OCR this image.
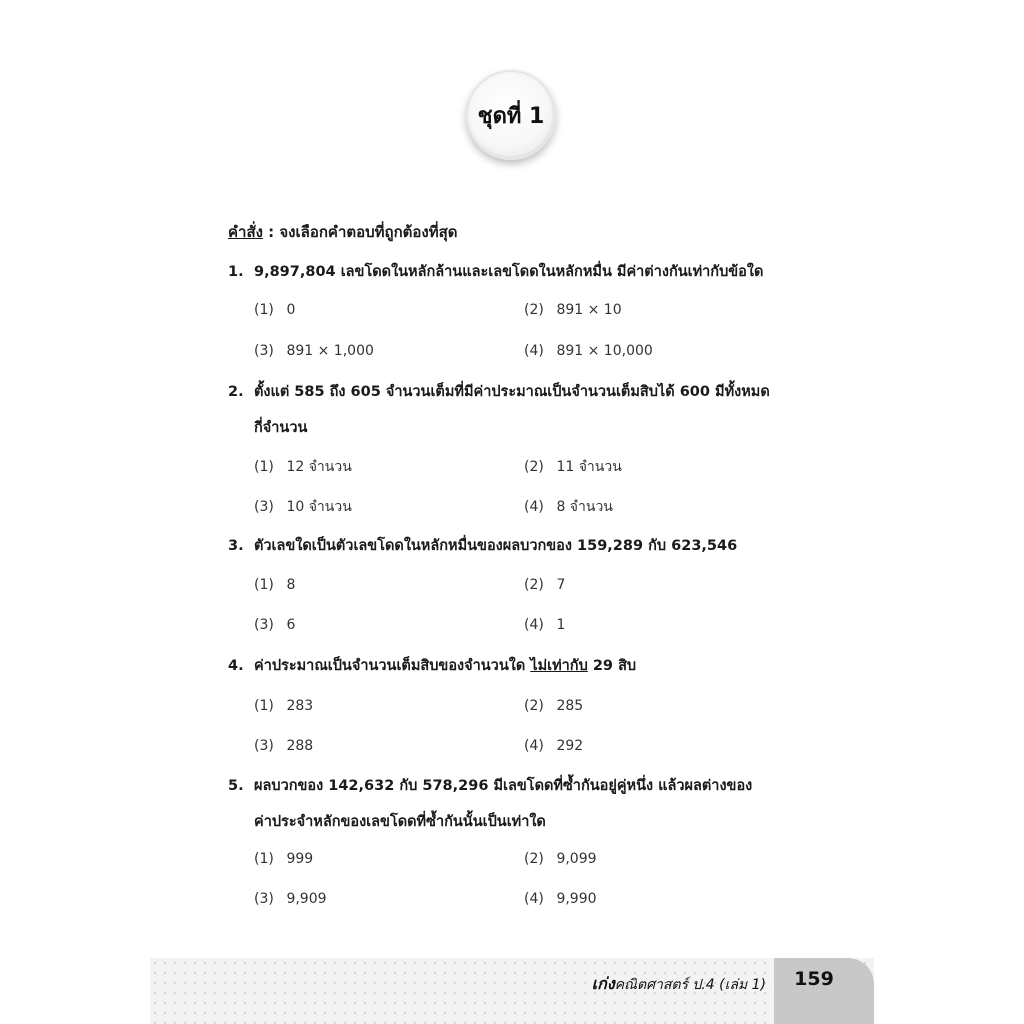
ชุดที่ 1
คำสั่ง : จงเลือกคำตอบที่ถูกต้องที่สุด
1. 9,897,804 เลขโดดในหลักล้านและเลขโดดในหลักหมื่น มีค่าต่างกันเท่ากับข้อใด
(1) 0	(2) 891 × 10
(3) 891 × 1,000	(4) 891 × 10,000
2. ตั้งแต่ 585 ถึง 605 จำนวนเต็มที่มีค่าประมาณเป็นจำนวนเต็มสิบได้ 600 มีทั้งหมด
กี่จำนวน
(1) 12 จำนวน	(2) 11 จำนวน
(3) 10 จำนวน	(4) 8 จำนวน
3. ตัวเลขใดเป็นตัวเลขโดดในหลักหมื่นของผลบวกของ 159,289 กับ 623,546
(1) 8	(2) 7
(3) 6	(4) 1
4. ค่าประมาณเป็นจำนวนเต็มสิบของจำนวนใด ไม่เท่ากับ 29 สิบ
(1) 283	(2) 285
(3) 288	(4) 292
5. ผลบวกของ 142,632 กับ 578,296 มีเลขโดดที่ซ้ำกันอยู่คู่หนึ่ง แล้วผลต่างของ
ค่าประจำหลักของเลขโดดที่ซ้ำกันนั้นเป็นเท่าใด
(1) 999	(2) 9,099
(3) 9,909	(4) 9,990
เก่งคณิตศาสตร์ ป.4 (เล่ม 1)	159
